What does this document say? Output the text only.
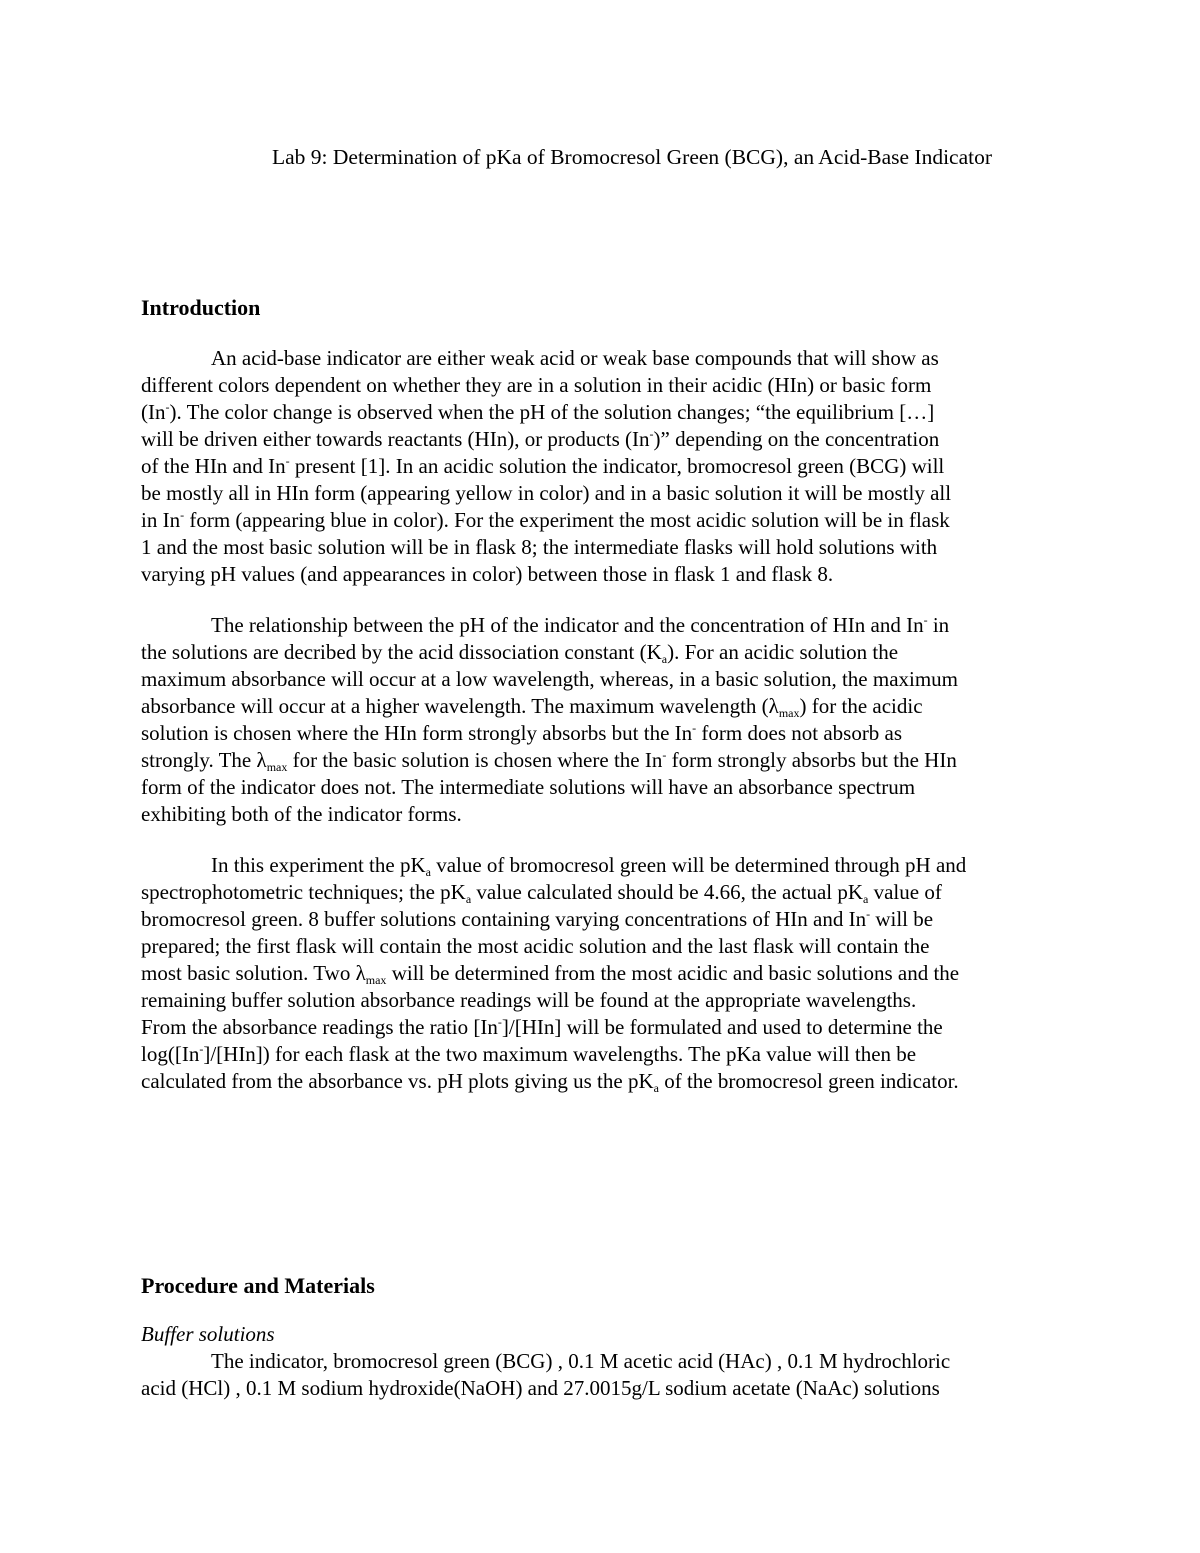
Lab 9: Determination of pKa of Bromocresol Green (BCG), an Acid-Base Indicator
Introduction
An acid-base indicator are either weak acid or weak base compounds that will show as
different colors dependent on whether they are in a solution in their acidic (HIn) or basic form
(In-). The color change is observed when the pH of the solution changes; “the equilibrium […]
will be driven either towards reactants (HIn), or products (In-)” depending on the concentration
of the HIn and In- present [1]. In an acidic solution the indicator, bromocresol green (BCG) will
be mostly all in HIn form (appearing yellow in color) and in a basic solution it will be mostly all
in In- form (appearing blue in color). For the experiment the most acidic solution will be in flask
1 and the most basic solution will be in flask 8; the intermediate flasks will hold solutions with
varying pH values (and appearances in color) between those in flask 1 and flask 8.
The relationship between the pH of the indicator and the concentration of HIn and In- in
the solutions are decribed by the acid dissociation constant $(K_a)$. For an acidic solution the
maximum absorbance will occur at a low wavelength, whereas, in a basic solution, the maximum
absorbance will occur at a higher wavelength. The maximum wavelength $(\lambda_{max})$ for the acidic
solution is chosen where the HIn form strongly absorbs but the In- form does not absorb as
strongly. The $\lambda_{max}$ for the basic solution is chosen where the In- form strongly absorbs but the HIn
form of the indicator does not. The intermediate solutions will have an absorbance spectrum
exhibiting both of the indicator forms.
In this experiment the $pK_a$ value of bromocresol green will be determined through pH and
spectrophotometric techniques; the $pK_a$ value calculated should be 4.66, the actual $pK_a$ value of
bromocresol green. 8 buffer solutions containing varying concentrations of HIn and In- will be
prepared; the first flask will contain the most acidic solution and the last flask will contain the
most basic solution. Two $\lambda_{max}$ will be determined from the most acidic and basic solutions and the
remaining buffer solution absorbance readings will be found at the appropriate wavelengths.
From the absorbance readings the ratio [In-]/[HIn] will be formulated and used to determine the
log([In-]/[HIn]) for each flask at the two maximum wavelengths. The pKa value will then be
calculated from the absorbance vs. pH plots giving us the $pK_a$ of the bromocresol green indicator.
Procedure and Materials
Buffer solutions
The indicator, bromocresol green (BCG) , 0.1 M acetic acid (HAc) , 0.1 M hydrochloric
acid (HCl) , 0.1 M sodium hydroxide(NaOH) and 27.0015g/L sodium acetate (NaAc) solutions
